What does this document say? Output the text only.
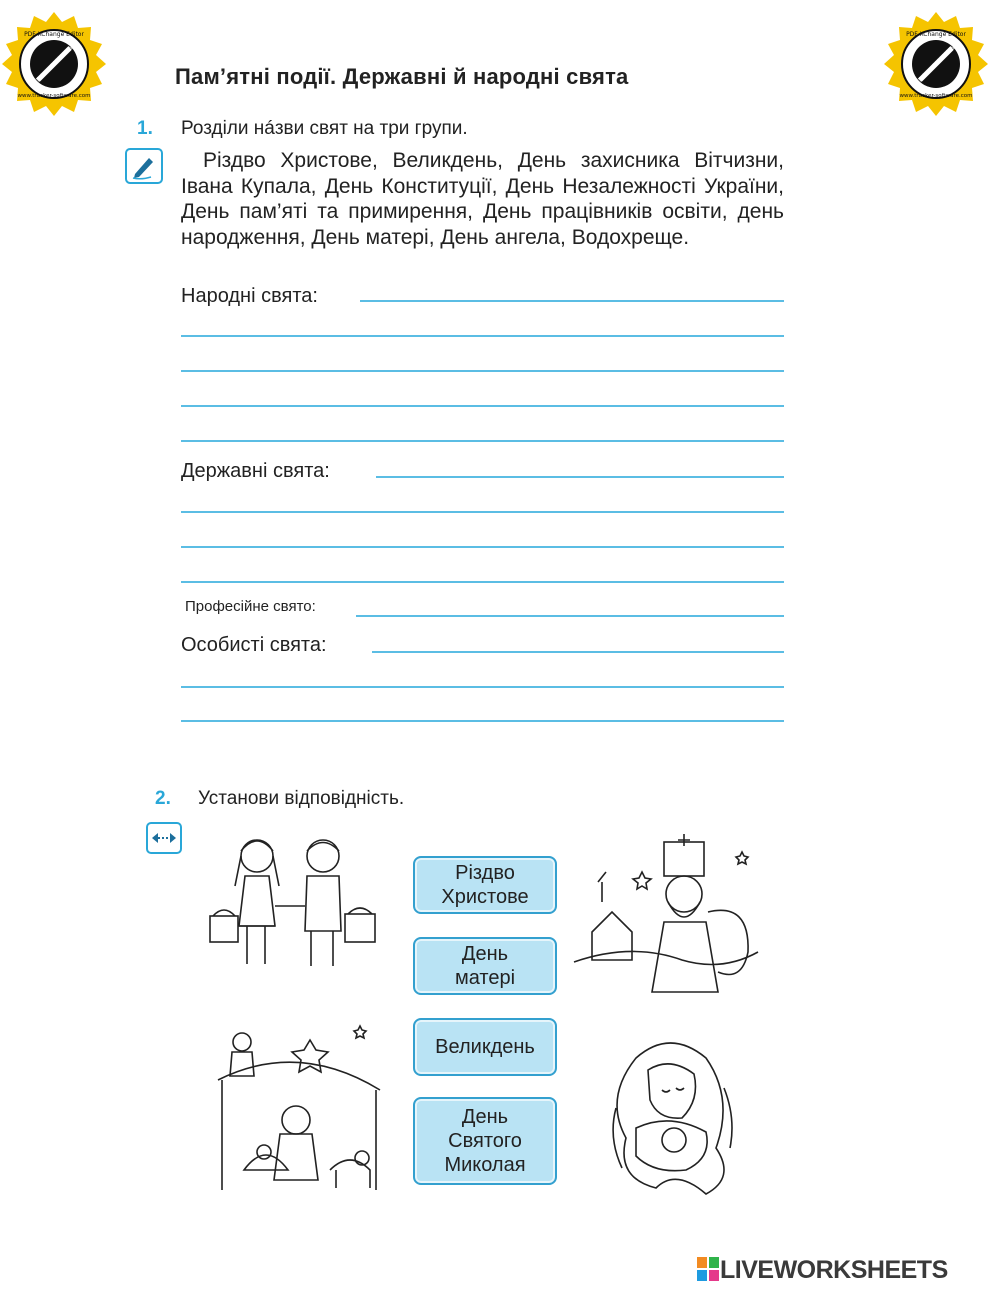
Click to BUY NOW!
PDF-XChange Editor
www.tracker-software.com
Click to BUY NOW!
PDF-XChange Editor
www.tracker-software.com
Пам’ятні події. Державні й народні свята
1. Розділи нáзви свят на три групи.
Різдво Христове, Великдень, День захисника Вітчизни, Івана Купала, День Конституції, День Незалежності України, День пам’яті та примирення, День працівників освіти, день народження, День матері, День ангела, Водохреще.
Народні свята:
Державні свята:
Професійне свято:
Особисті свята:
2. Установи відповідність.
Різдво
Христове
День
матері
Великдень
День
Святого
Миколая
LIVEWORKSHEETS
